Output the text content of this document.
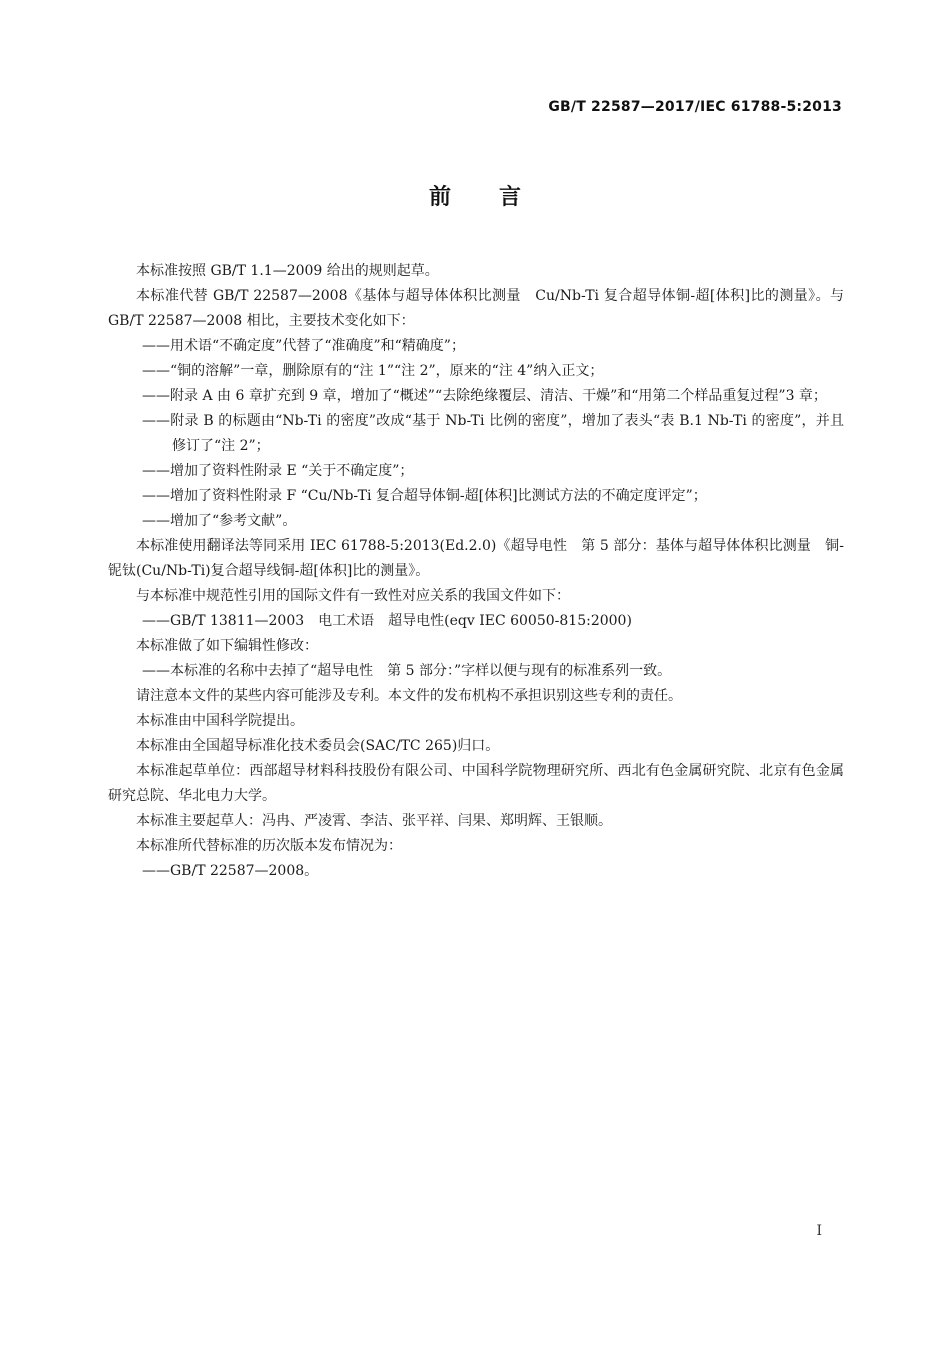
GB/T 22587—2017/IEC 61788-5:2013
前言

本标准按照 GB/T 1.1—2009 给出的规则起草。

本标准代替 GB/T 22587—2008《基体与超导体体积比测量　Cu/Nb-Ti 复合超导体铜-超[体积]比的测量》。与 GB/T 22587—2008 相比，主要技术变化如下：

——用术语“不确定度”代替了“准确度”和“精确度”；

——“铜的溶解”一章，删除原有的“注 1”“注 2”，原来的“注 4”纳入正文；

——附录 A 由 6 章扩充到 9 章，增加了“概述”“去除绝缘覆层、清洁、干燥”和“用第二个样品重复过程”3 章；

——附录 B 的标题由“Nb-Ti 的密度”改成“基于 Nb-Ti 比例的密度”，增加了表头“表 B.1 Nb-Ti 的密度”，并且修订了“注 2”；

——增加了资料性附录 E “关于不确定度”；

——增加了资料性附录 F “Cu/Nb-Ti 复合超导体铜-超[体积]比测试方法的不确定度评定”；

——增加了“参考文献”。

本标准使用翻译法等同采用 IEC 61788-5:2013(Ed.2.0)《超导电性　第 5 部分：基体与超导体体积比测量　铜-铌钛(Cu/Nb-Ti)复合超导线铜-超[体积]比的测量》。

与本标准中规范性引用的国际文件有一致性对应关系的我国文件如下：

——GB/T 13811—2003　电工术语　超导电性(eqv IEC 60050-815:2000)

本标准做了如下编辑性修改：

——本标准的名称中去掉了“超导电性　第 5 部分：”字样以便与现有的标准系列一致。

请注意本文件的某些内容可能涉及专利。本文件的发布机构不承担识别这些专利的责任。

本标准由中国科学院提出。

本标准由全国超导标准化技术委员会(SAC/TC 265)归口。

本标准起草单位：西部超导材料科技股份有限公司、中国科学院物理研究所、西北有色金属研究院、北京有色金属研究总院、华北电力大学。

本标准主要起草人：冯冉、严凌霄、李洁、张平祥、闫果、郑明辉、王银顺。

本标准所代替标准的历次版本发布情况为：

——GB/T 22587—2008。

I
